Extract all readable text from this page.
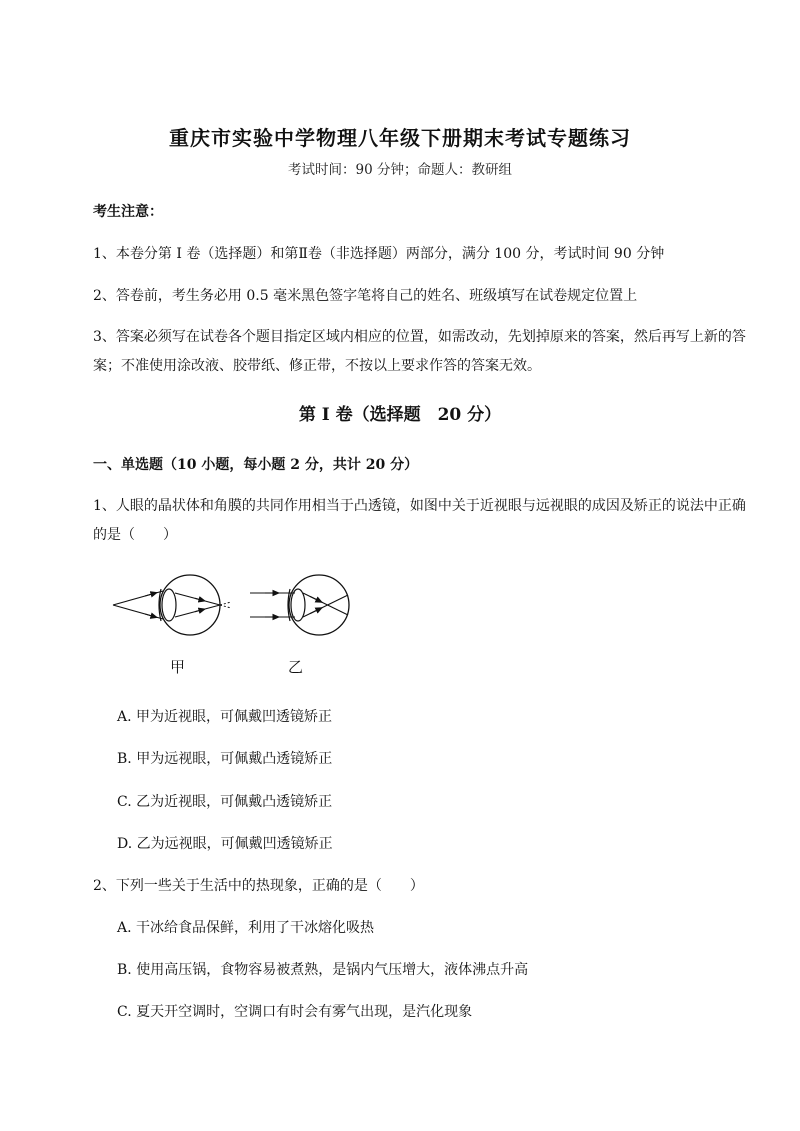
重庆市实验中学物理八年级下册期末考试专题练习
考试时间：90 分钟；命题人：教研组
考生注意：
1、本卷分第 I 卷（选择题）和第Ⅱ卷（非选择题）两部分，满分 100 分，考试时间 90 分钟
2、答卷前，考生务必用 0.5 毫米黑色签字笔将自己的姓名、班级填写在试卷规定位置上
3、答案必须写在试卷各个题目指定区域内相应的位置，如需改动，先划掉原来的答案，然后再写上新的答案；不准使用涂改液、胶带纸、修正带，不按以上要求作答的答案无效。
第 I 卷（选择题　20 分）
一、单选题（10 小题，每小题 2 分，共计 20 分）
1、人眼的晶状体和角膜的共同作用相当于凸透镜，如图中关于近视眼与远视眼的成因及矫正的说法中正确的是（　　）
甲	乙
A. 甲为近视眼，可佩戴凹透镜矫正
B. 甲为远视眼，可佩戴凸透镜矫正
C. 乙为近视眼，可佩戴凸透镜矫正
D. 乙为远视眼，可佩戴凹透镜矫正
2、下列一些关于生活中的热现象，正确的是（　　）
A. 干冰给食品保鲜，利用了干冰熔化吸热
B. 使用高压锅，食物容易被煮熟，是锅内气压增大，液体沸点升高
C. 夏天开空调时，空调口有时会有雾气出现，是汽化现象
